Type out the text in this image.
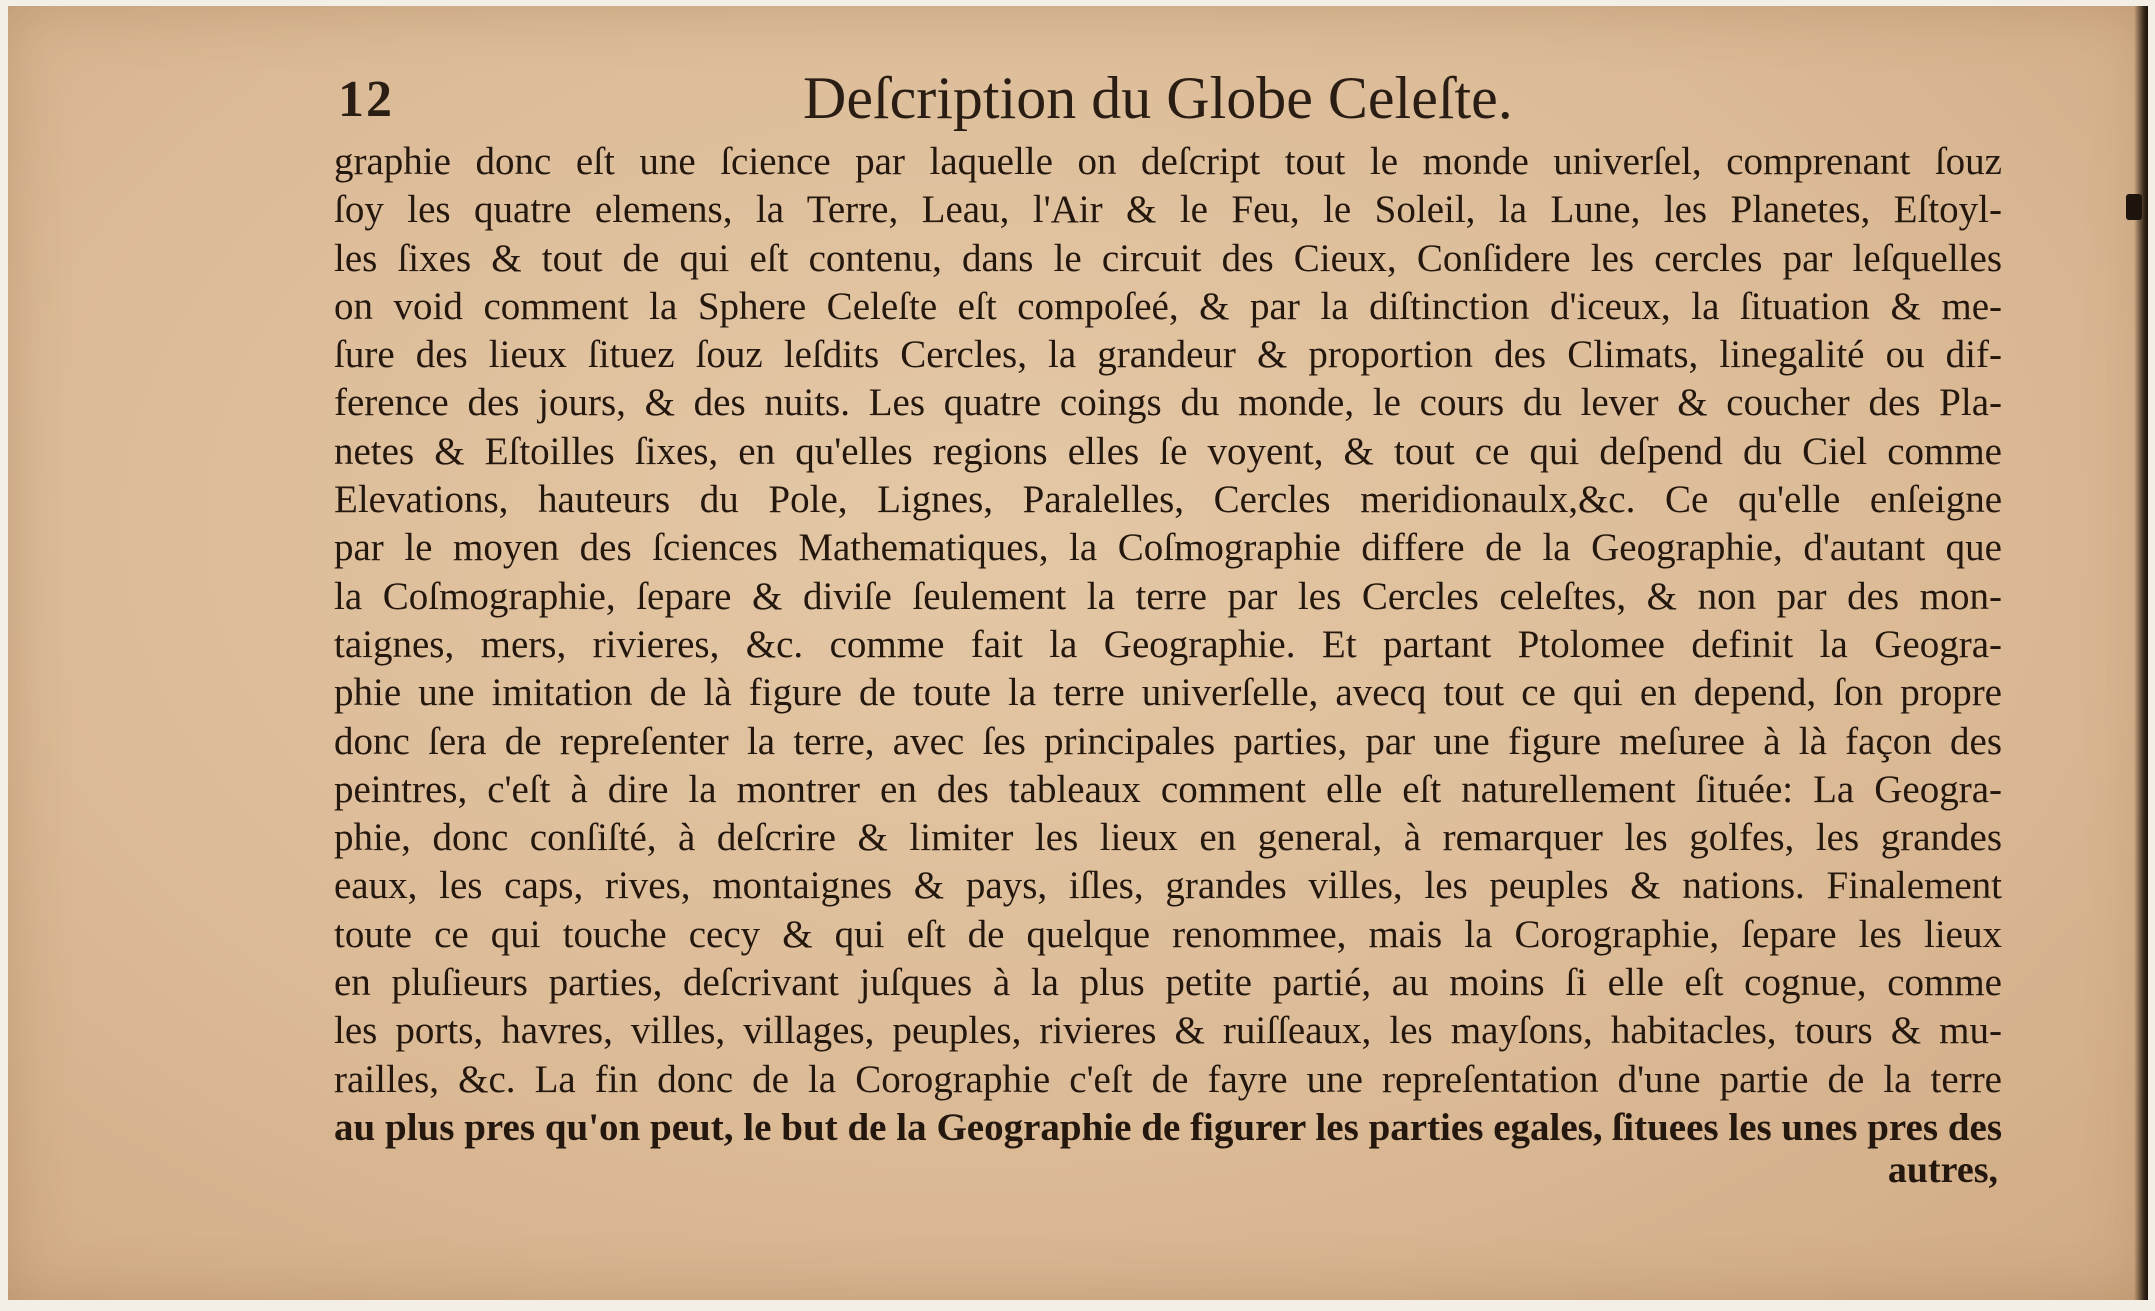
12	Deſcription du Globe Celeſte.
graphie donc eſt une ſcience par laquelle on deſcript tout le monde univerſel, comprenant ſouz
ſoy les quatre elemens, la Terre, Leau, l'Air & le Feu, le Soleil, la Lune, les Planetes, Eſtoyl-
les ſixes & tout de qui eſt contenu, dans le circuit des Cieux, Conſidere les cercles par leſquelles
on void comment la Sphere Celeſte eſt compoſeé, & par la diſtinction d'iceux, la ſituation & me-
ſure des lieux ſituez ſouz leſdits Cercles, la grandeur & proportion des Climats, linegalité ou dif-
ference des jours, & des nuits. Les quatre coings du monde, le cours du lever & coucher des Pla-
netes & Eſtoilles ſixes, en qu'elles regions elles ſe voyent, & tout ce qui deſpend du Ciel comme
Elevations, hauteurs du Pole, Lignes, Paralelles, Cercles meridionaulx,&c. Ce qu'elle enſeigne
par le moyen des ſciences Mathematiques, la Coſmographie differe de la Geographie, d'autant que
la Coſmographie, ſepare & diviſe ſeulement la terre par les Cercles celeſtes, & non par des mon-
taignes, mers, rivieres, &c. comme fait la Geographie. Et partant Ptolomee definit la Geogra-
phie une imitation de là figure de toute la terre univerſelle, avecq tout ce qui en depend, ſon propre
donc ſera de repreſenter la terre, avec ſes principales parties, par une figure meſuree à là façon des
peintres, c'eſt à dire la montrer en des tableaux comment elle eſt naturellement ſituée: La Geogra-
phie, donc conſiſté, à deſcrire & limiter les lieux en general, à remarquer les golfes, les grandes
eaux, les caps, rives, montaignes & pays, iſles, grandes villes, les peuples & nations. Finalement
toute ce qui touche cecy & qui eſt de quelque renommee, mais la Corographie, ſepare les lieux
en pluſieurs parties, deſcrivant juſques à la plus petite partié, au moins ſi elle eſt cognue, comme
les ports, havres, villes, villages, peuples, rivieres & ruiſſeaux, les mayſons, habitacles, tours & mu-
railles, &c. La fin donc de la Corographie c'eſt de fayre une repreſentation d'une partie de la terre
au plus pres qu'on peut, le but de la Geographie de figurer les parties egales, ſituees les unes pres des
autres,
